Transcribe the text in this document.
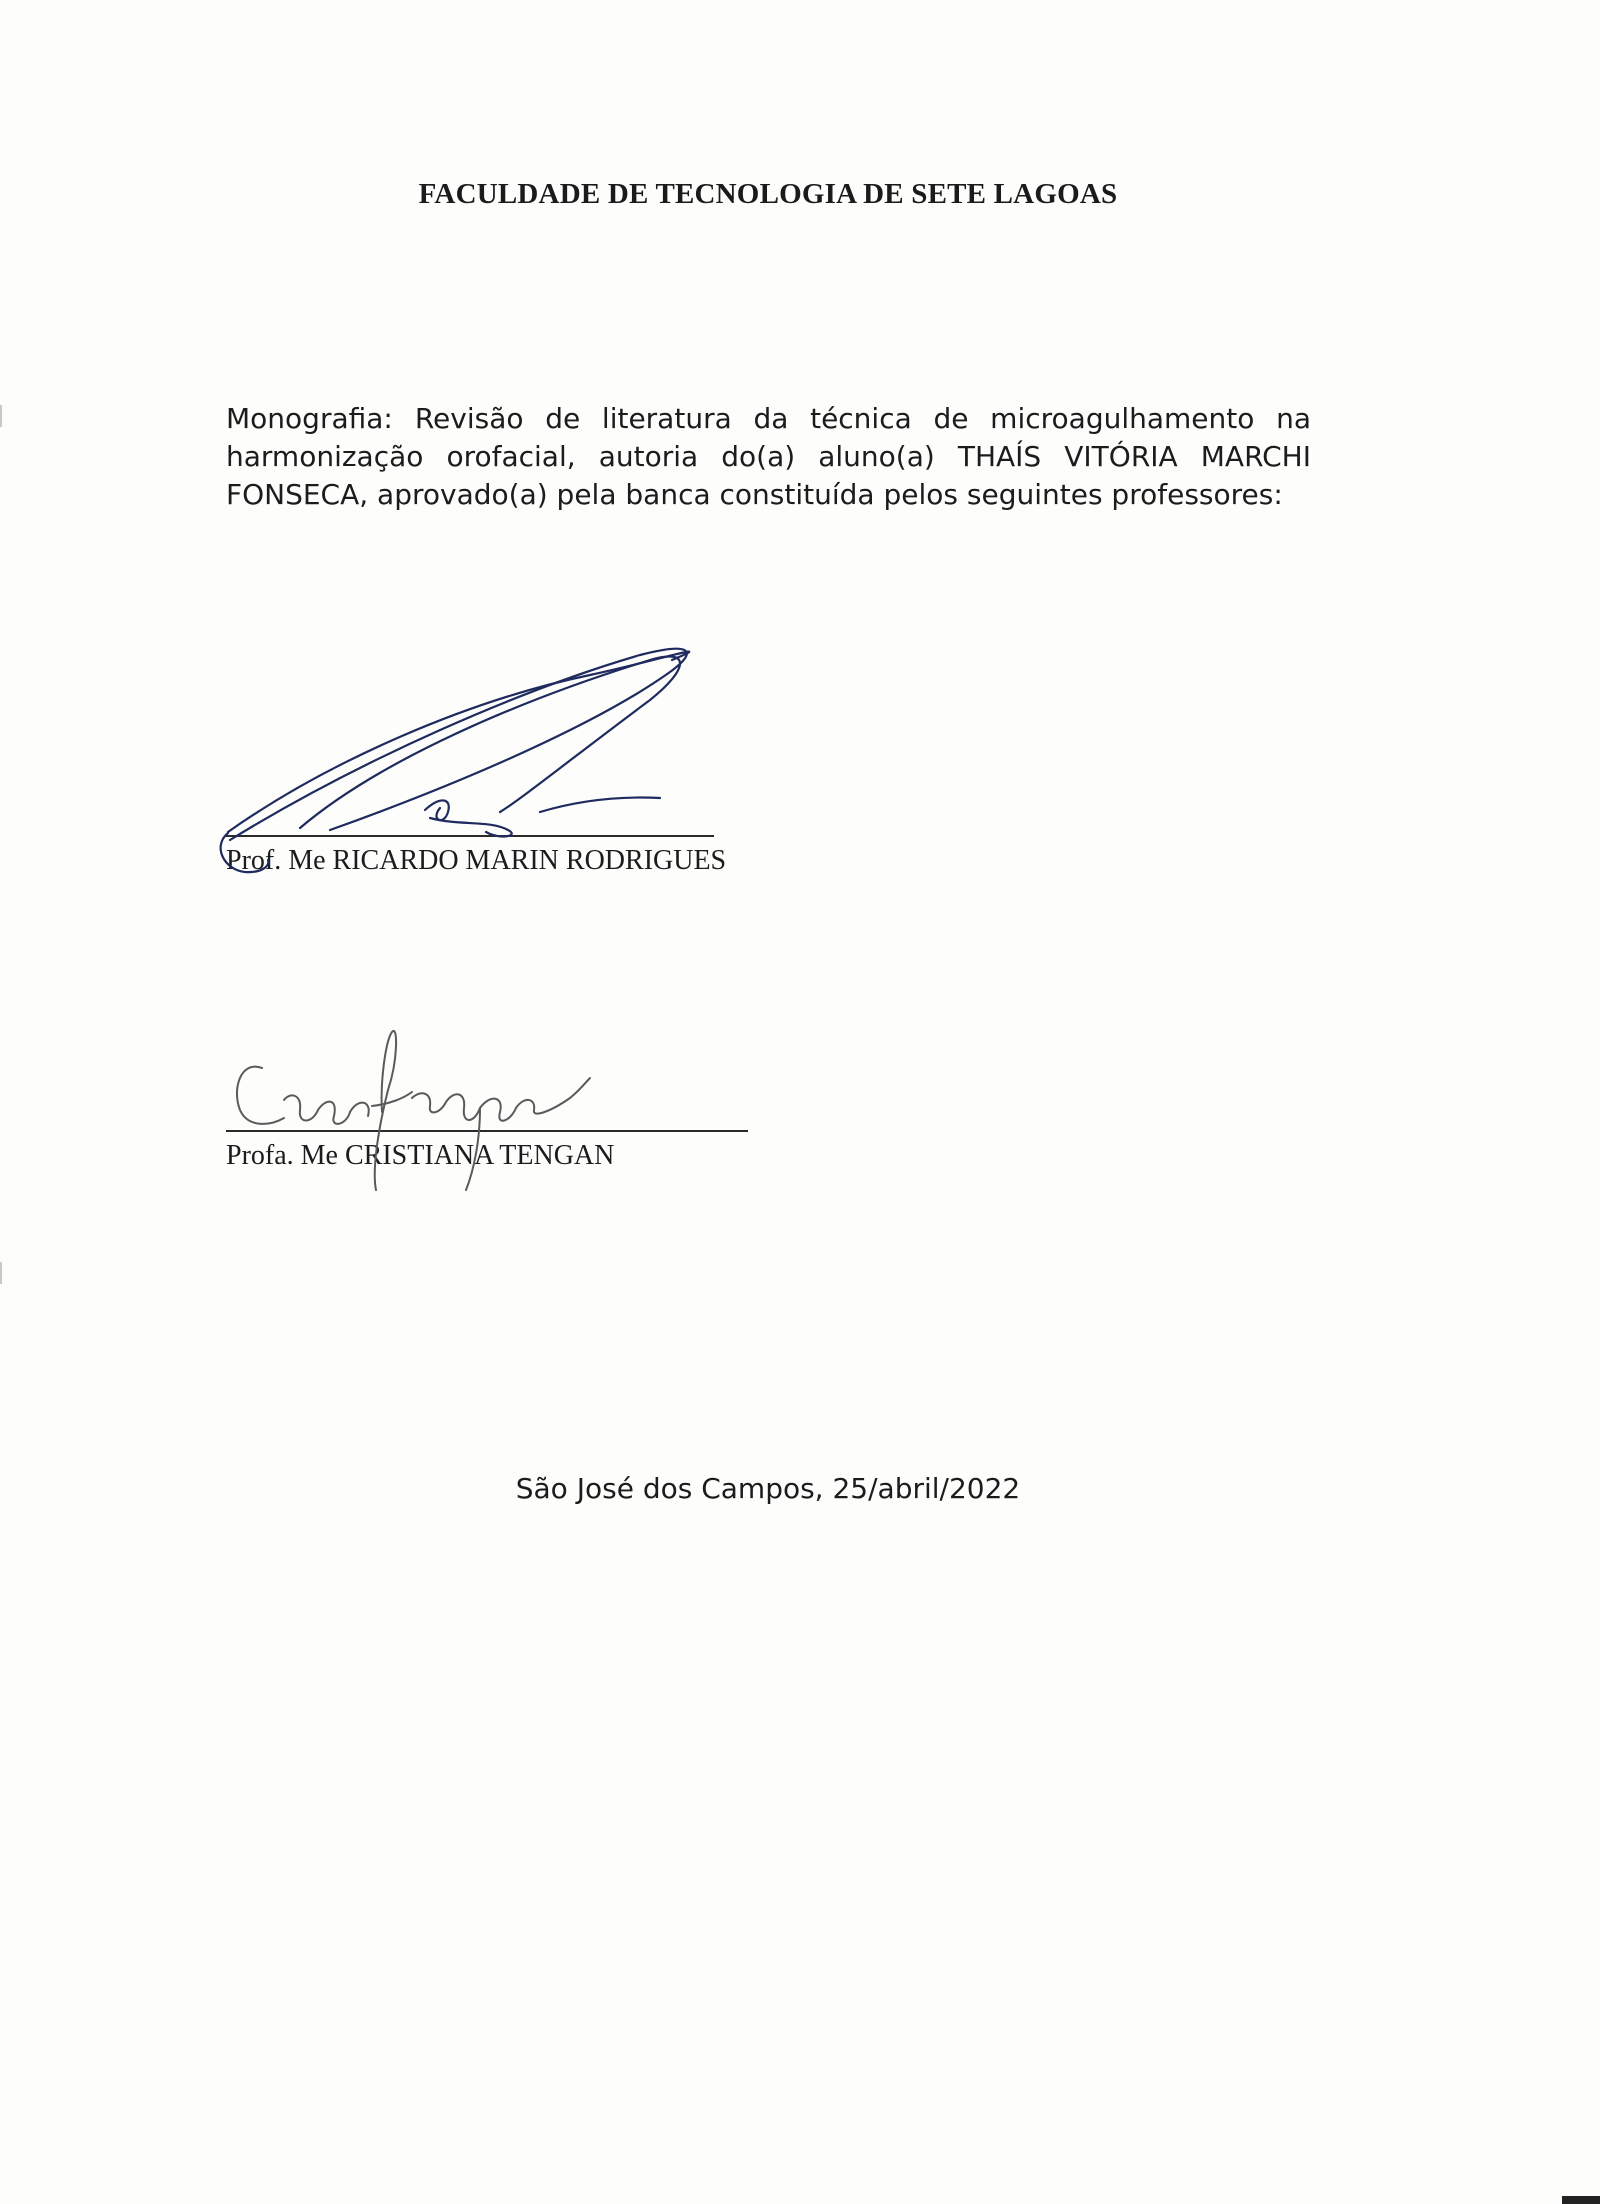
FACULDADE DE TECNOLOGIA DE SETE LAGOAS
Monografia: Revisão de literatura da técnica de microagulhamento na harmonização orofacial, autoria do(a) aluno(a) THAÍS VITÓRIA MARCHI FONSECA, aprovado(a) pela banca constituída pelos seguintes professores:
Prof. Me RICARDO MARIN RODRIGUES
Profa. Me CRISTIANA TENGAN
São José dos Campos, 25/abril/2022
